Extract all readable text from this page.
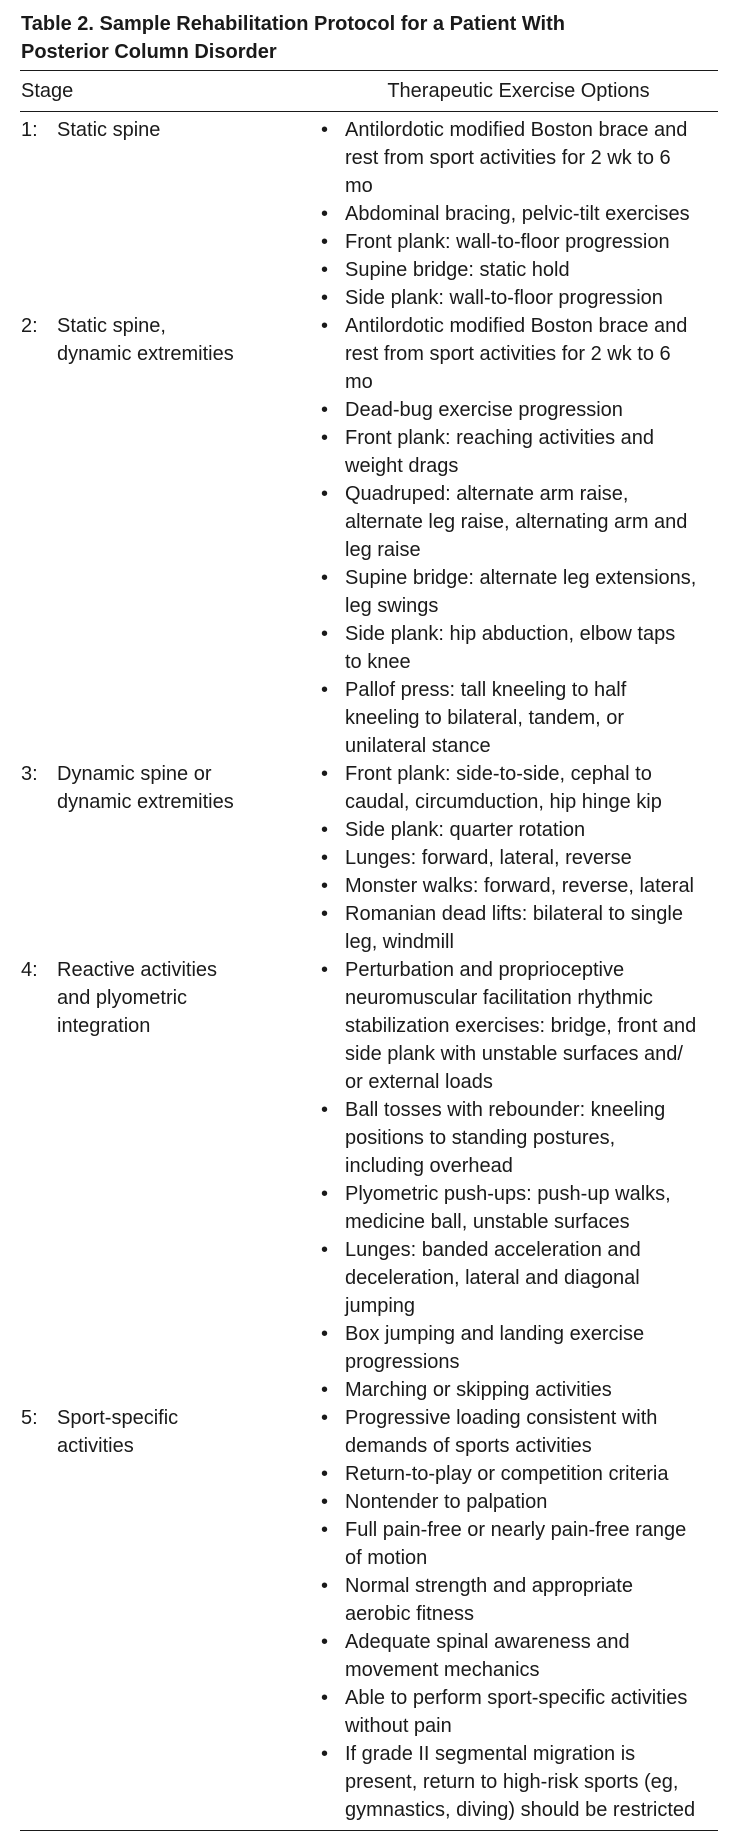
Table 2. Sample Rehabilitation Protocol for a Patient With
Posterior Column Disorder
Stage	Therapeutic Exercise Options
1: Static spine	• Antilordotic modified Boston brace and
rest from sport activities for 2 wk to 6
mo
• Abdominal bracing, pelvic-tilt exercises
• Front plank: wall-to-floor progression
• Supine bridge: static hold
• Side plank: wall-to-floor progression
2: Static spine,
dynamic extremities
• Antilordotic modified Boston brace and
rest from sport activities for 2 wk to 6
mo
• Dead-bug exercise progression
• Front plank: reaching activities and
weight drags
• Quadruped: alternate arm raise,
alternate leg raise, alternating arm and
leg raise
• Supine bridge: alternate leg extensions,
leg swings
• Side plank: hip abduction, elbow taps
to knee
• Pallof press: tall kneeling to half
kneeling to bilateral, tandem, or
unilateral stance
3: Dynamic spine or
dynamic extremities
• Front plank: side-to-side, cephal to
caudal, circumduction, hip hinge kip
• Side plank: quarter rotation
• Lunges: forward, lateral, reverse
• Monster walks: forward, reverse, lateral
• Romanian dead lifts: bilateral to single
leg, windmill
4: Reactive activities
and plyometric
integration
• Perturbation and proprioceptive
neuromuscular facilitation rhythmic
stabilization exercises: bridge, front and
side plank with unstable surfaces and/
or external loads
• Ball tosses with rebounder: kneeling
positions to standing postures,
including overhead
• Plyometric push-ups: push-up walks,
medicine ball, unstable surfaces
• Lunges: banded acceleration and
deceleration, lateral and diagonal
jumping
• Box jumping and landing exercise
progressions
• Marching or skipping activities
5: Sport-specific
activities
• Progressive loading consistent with
demands of sports activities
• Return-to-play or competition criteria
• Nontender to palpation
• Full pain-free or nearly pain-free range
of motion
• Normal strength and appropriate
aerobic fitness
• Adequate spinal awareness and
movement mechanics
• Able to perform sport-specific activities
without pain
• If grade II segmental migration is
present, return to high-risk sports (eg,
gymnastics, diving) should be restricted
